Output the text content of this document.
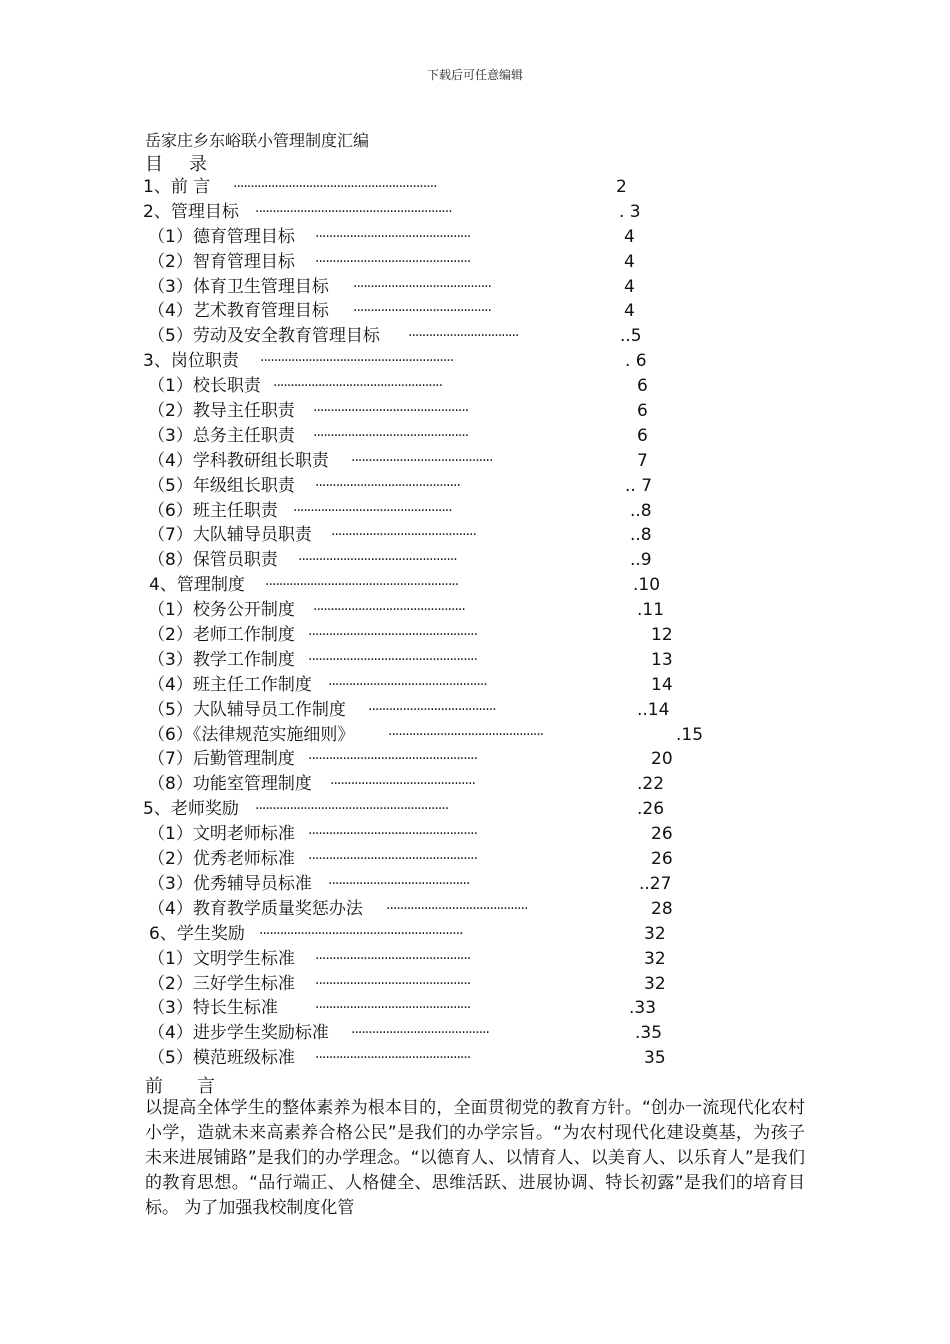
下载后可任意编辑
岳家庄乡东峪联小管理制度汇编
目 录
1、前 言 ···························································	2
2、管理目标 ·························································	. 3
（1）德育管理目标 ·············································	4
（2）智育管理目标 ·············································	4
（3）体育卫生管理目标 ········································	4
（4）艺术教育管理目标 ········································	4
（5）劳动及安全教育管理目标 ································	..5
3、岗位职责 ························································	. 6
（1）校长职责 ·················································	6
（2）教导主任职责 ·············································	6
（3）总务主任职责 ·············································	6
（4）学科教研组长职责 ·········································	7
（5）年级组长职责 ··········································	.. 7
（6）班主任职责 ··············································	..8
（7）大队辅导员职责 ··········································	..8
（8）保管员职责 ··············································	..9
4、管理制度 ························································	.10
（1）校务公开制度 ············································	.11
（2）老师工作制度 ·················································	12
（3）教学工作制度 ·················································	13
（4）班主任工作制度 ··············································	14
（5）大队辅导员工作制度 ·····································	..14
（6）《法律规范实施细则》 ·············································	.15
（7）后勤管理制度 ·················································	20
（8）功能室管理制度 ··········································	.22
5、老师奖励 ························································	.26
（1）文明老师标准 ·················································	26
（2）优秀老师标准 ·················································	26
（3）优秀辅导员标准 ·········································	..27
（4）教育教学质量奖惩办法 ·········································	28
6、学生奖励 ···························································	32
（1）文明学生标准 ·············································	32
（2）三好学生标准 ·············································	32
（3）特长生标准	·············································	.33
（4）进步学生奖励标准 ········································	.35
（5）模范班级标准 ·············································	35
前 言
以提高全体学生的整体素养为根本目的，全面贯彻党的教育方针。“创办一流现代化农村小学，造就未来高素养合格公民”是我们的办学宗旨。“为农村现代化建设奠基，为孩子未来进展铺路”是我们的办学理念。“以德育人、以情育人、以美育人、以乐育人”是我们的教育思想。“品行端正、人格健全、思维活跃、进展协调、特长初露”是我们的培育目标。 为了加强我校制度化管
